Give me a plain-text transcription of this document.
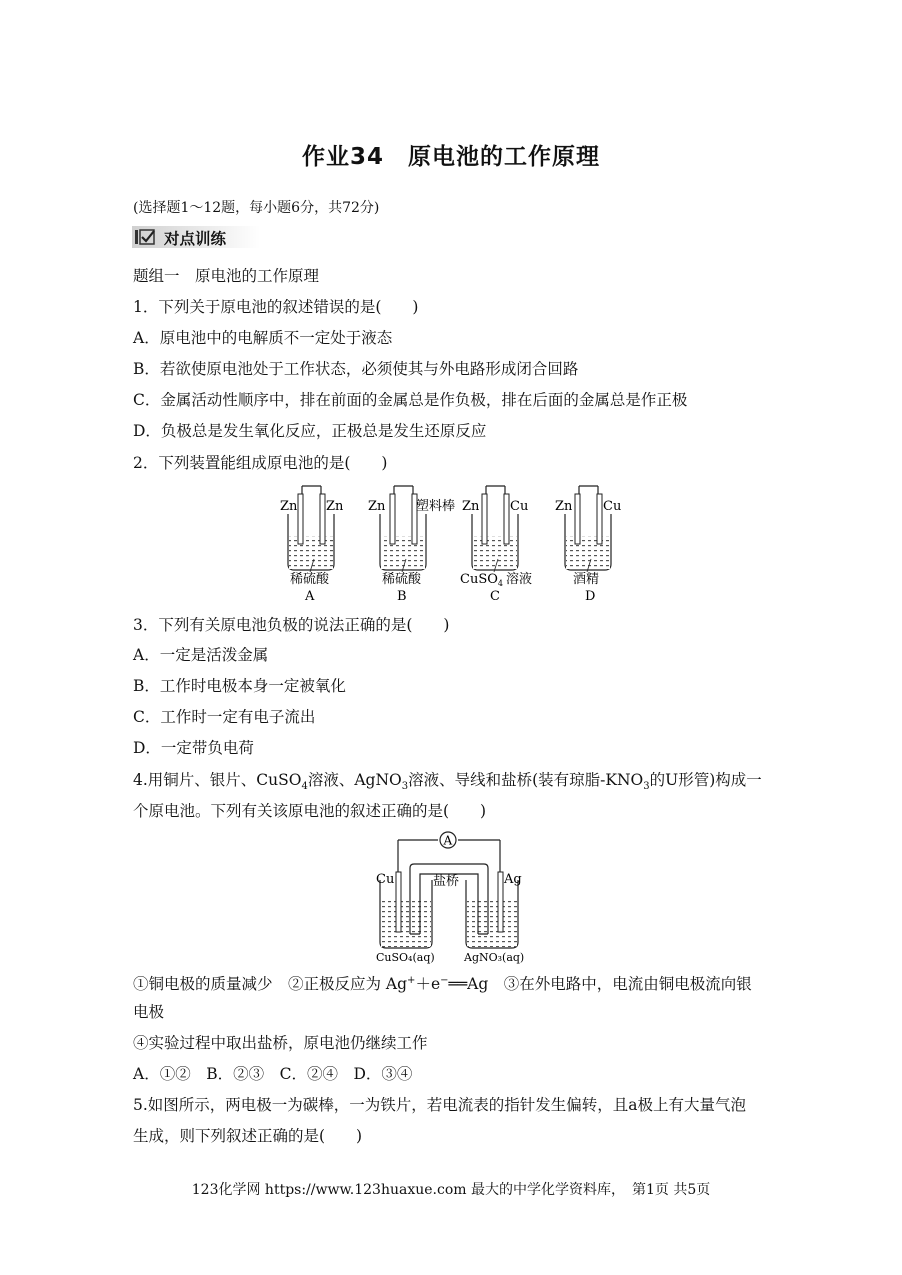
作业34　原电池的工作原理
(选择题1～12题，每小题6分，共72分)
对点训练
题组一　原电池的工作原理
1．下列关于原电池的叙述错误的是(　　)
A．原电池中的电解质不一定处于液态
B．若欲使原电池处于工作状态，必须使其与外电路形成闭合回路
C．金属活动性顺序中，排在前面的金属总是作负极，排在后面的金属总是作正极
D．负极总是发生氧化反应，正极总是发生还原反应
2．下列装置能组成原电池的是(　　)
Zn Zn
稀硫酸
A
Zn 塑料棒
稀硫酸
B
Zn Cu
CuSO$_4$ 溶液
C
Zn Cu
酒精
D
3．下列有关原电池负极的说法正确的是(　　)
A．一定是活泼金属
B．工作时电极本身一定被氧化
C．工作时一定有电子流出
D．一定带负电荷
4.用铜片、银片、CuSO$_4$溶液、AgNO$_3$溶液、导线和盐桥(装有琼脂$-KNO_3$的U形管)构成一
个原电池。下列有关该原电池的叙述正确的是(　　)
A
盐桥
Cu	Ag
CuSO₄(aq)	AgNO₃(aq)
①铜电极的质量减少　②正极反应为 Ag+＋e−══Ag　③在外电路中，电流由铜电极流向银
电极
④实验过程中取出盐桥，原电池仍继续工作
A．①②　B．②③　C．②④　D．③④
5.如图所示，两电极一为碳棒，一为铁片，若电流表的指针发生偏转，且a极上有大量气泡
生成，则下列叙述正确的是(　　)
123化学网 https://www.123huaxue.com 最大的中学化学资料库，　第1页 共5页
